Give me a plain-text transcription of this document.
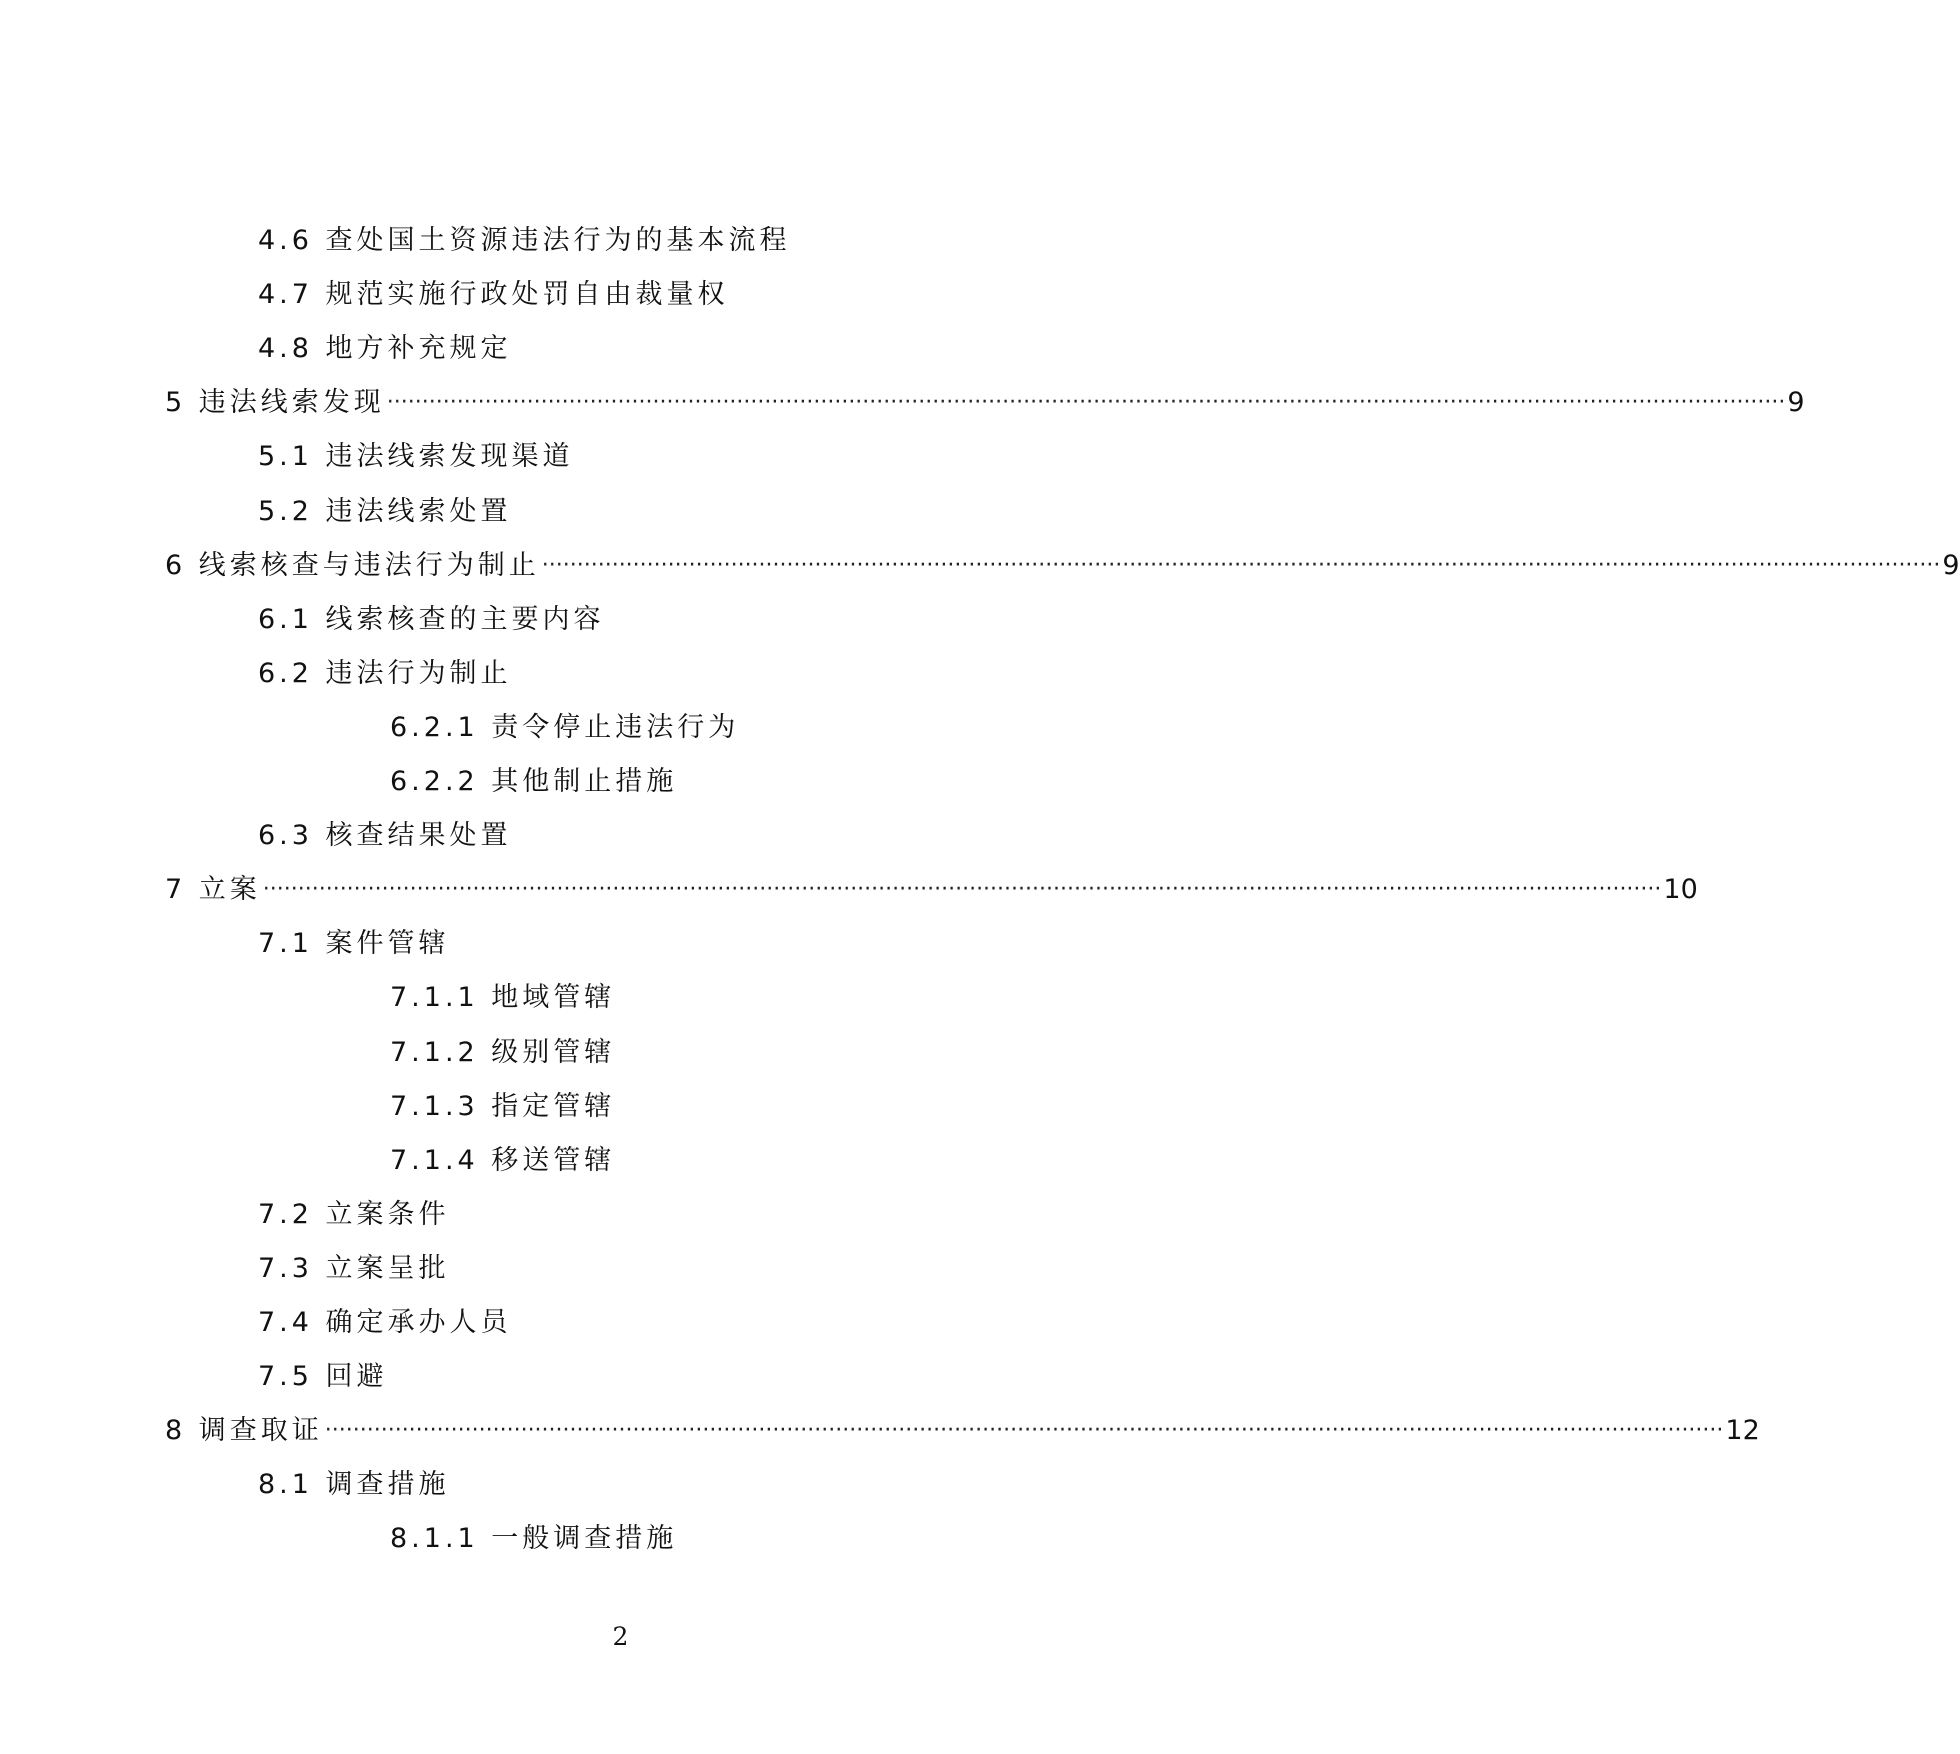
4.6 查处国土资源违法行为的基本流程
4.7 规范实施行政处罚自由裁量权
4.8 地方补充规定
5 违法线索发现 ········································································································································································································ 9
5.1 违法线索发现渠道
5.2 违法线索处置
6 线索核查与违法行为制止 ········································································································································································································ 9
6.1 线索核查的主要内容
6.2 违法行为制止
6.2.1 责令停止违法行为
6.2.2 其他制止措施
6.3 核查结果处置
7 立案 ········································································································································································································ 10
7.1 案件管辖
7.1.1 地域管辖
7.1.2 级别管辖
7.1.3 指定管辖
7.1.4 移送管辖
7.2 立案条件
7.3 立案呈批
7.4 确定承办人员
7.5 回避
8 调查取证 ········································································································································································································ 12
8.1 调查措施
8.1.1 一般调查措施
2
